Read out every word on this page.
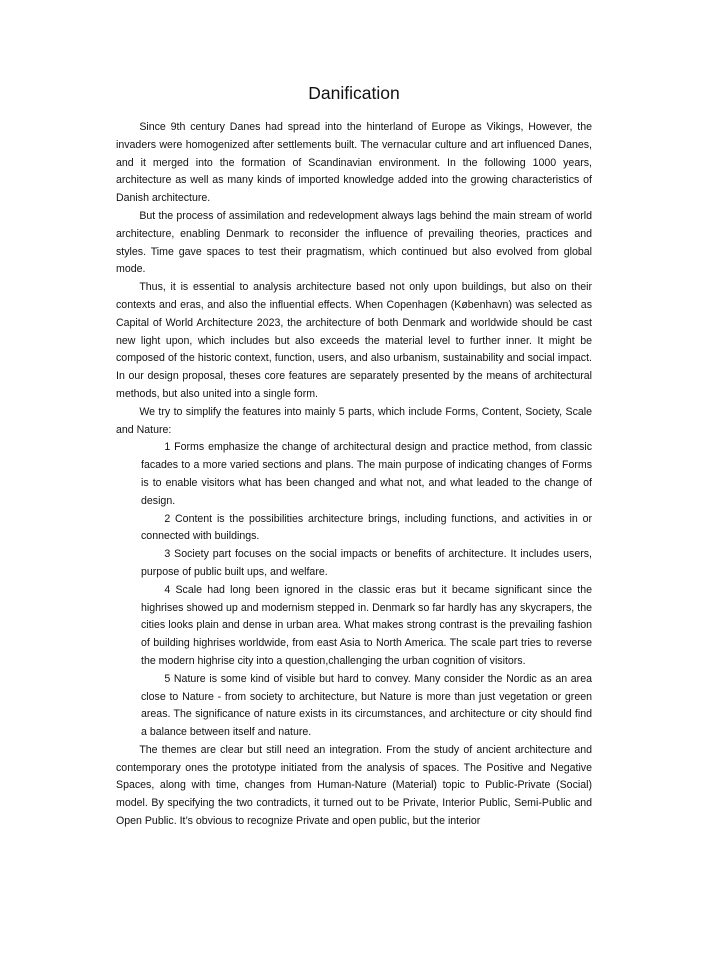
Danification

Since 9th century Danes had spread into the hinterland of Europe as Vikings, However, the invaders were homogenized after settlements built. The vernacular culture and art influenced Danes, and it merged into the formation of Scandinavian environment. In the following 1000 years, architecture as well as many kinds of imported knowledge added into the growing characteristics of Danish architecture.

But the process of assimilation and redevelopment always lags behind the main stream of world architecture, enabling Denmark to reconsider the influence of prevailing theories, practices and styles. Time gave spaces to test their pragmatism, which continued but also evolved from global mode.

Thus, it is essential to analysis architecture based not only upon buildings, but also on their contexts and eras, and also the influential effects. When Copenhagen (København) was selected as Capital of World Architecture 2023, the architecture of both Denmark and worldwide should be cast new light upon, which includes but also exceeds the material level to further inner. It might be composed of the historic context, function, users, and also urbanism, sustainability and social impact. In our design proposal, theses core features are separately presented by the means of architectural methods, but also united into a single form.

We try to simplify the features into mainly 5 parts, which include Forms, Content, Society, Scale and Nature:

1 Forms emphasize the change of architectural design and practice method, from classic facades to a more varied sections and plans. The main purpose of indicating changes of Forms is to enable visitors what has been changed and what not, and what leaded to the change of design.

2 Content is the possibilities architecture brings, including functions, and activities in or connected with buildings.

3 Society part focuses on the social impacts or benefits of architecture. It includes users, purpose of public built ups, and welfare.

4 Scale had long been ignored in the classic eras but it became significant since the highrises showed up and modernism stepped in. Denmark so far hardly has any skycrapers, the cities looks plain and dense in urban area. What makes strong contrast is the prevailing fashion of building highrises worldwide, from east Asia to North America. The scale part tries to reverse the modern highrise city into a question,challenging the urban cognition of visitors.

5 Nature is some kind of visible but hard to convey. Many consider the Nordic as an area close to Nature - from society to architecture, but Nature is more than just vegetation or green areas. The significance of nature exists in its circumstances, and architecture or city should find a balance between itself and nature.

The themes are clear but still need an integration. From the study of ancient architecture and contemporary ones the prototype initiated from the analysis of spaces. The Positive and Negative Spaces, along with time, changes from Human-Nature (Material) topic to Public-Private (Social) model. By specifying the two contradicts, it turned out to be Private, Interior Public, Semi-Public and Open Public. It’s obvious to recognize Private and open public, but the interior
